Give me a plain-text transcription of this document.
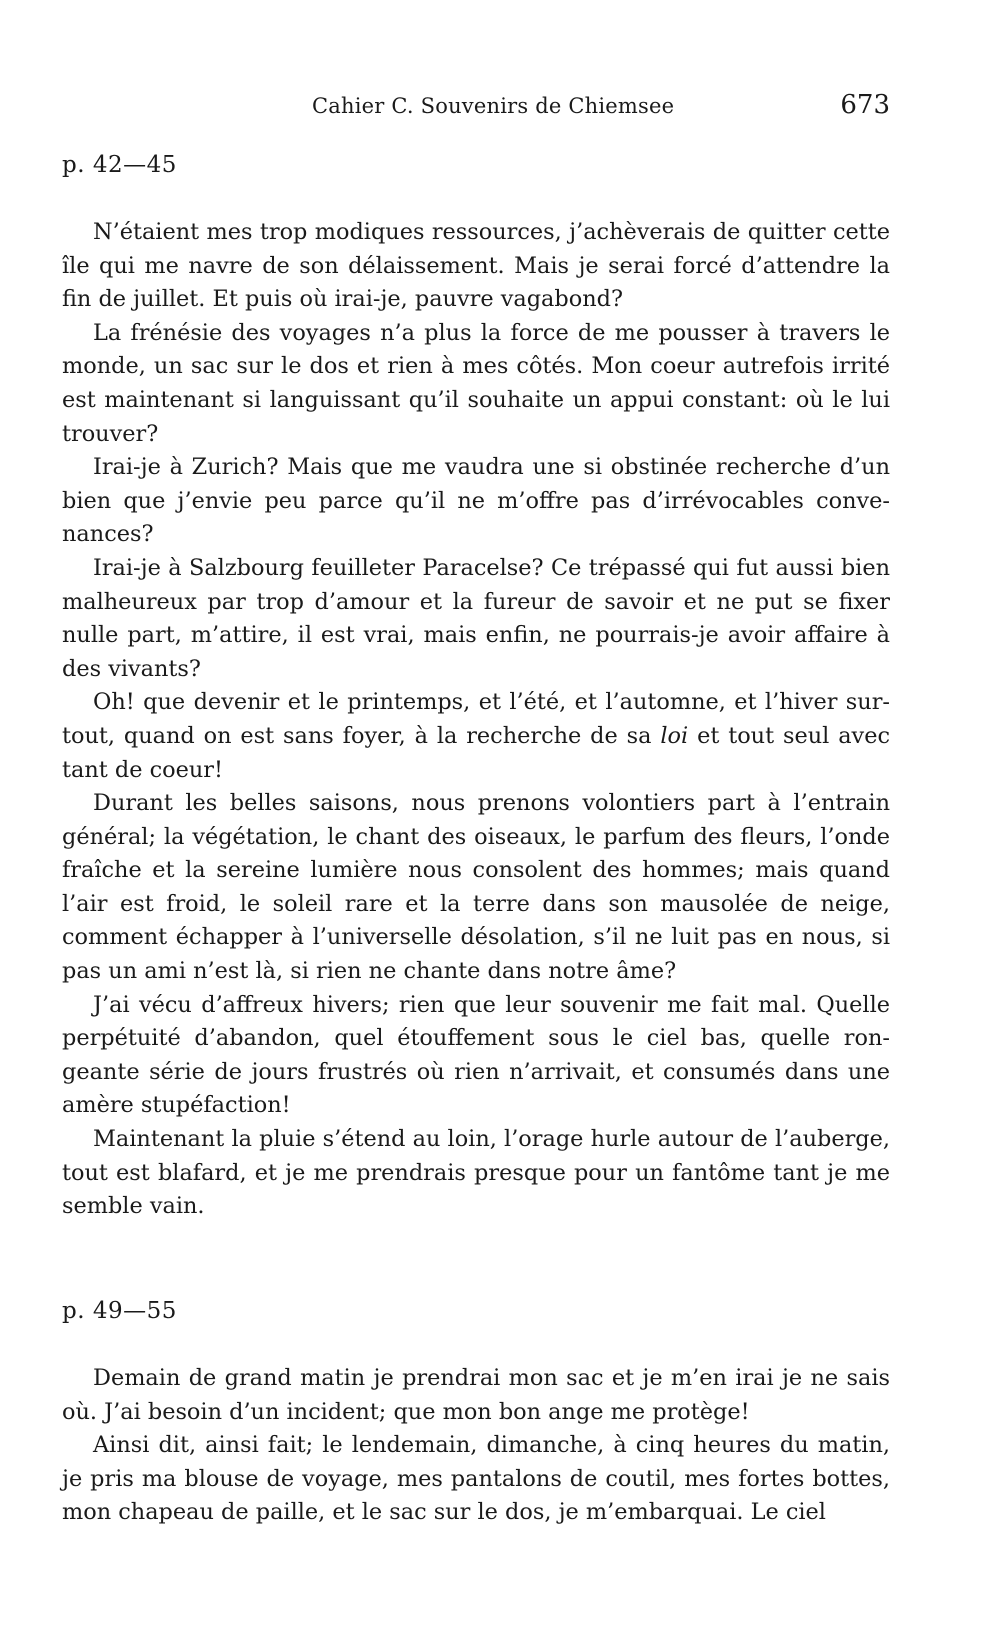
Cahier C. Souvenirs de Chiemsee	673
p. 42—45

N’étaient mes trop modiques ressources, j’achèverais de quitter cette île qui me navre de son délaissement. Mais je serai forcé d’attendre la fin de juillet. Et puis où irai-je, pauvre vagabond?

La frénésie des voyages n’a plus la force de me pousser à travers le monde, un sac sur le dos et rien à mes côtés. Mon coeur autrefois irrité est maintenant si languissant qu’il souhaite un appui constant: où le lui trouver?

Irai-je à Zurich? Mais que me vaudra une si obstinée recherche d’un bien que j’envie peu parce qu’il ne m’offre pas d’irrévocables convenances?

Irai-je à Salzbourg feuilleter Paracelse? Ce trépassé qui fut aussi bien malheureux par trop d’amour et la fureur de savoir et ne put se fixer nulle part, m’attire, il est vrai, mais enfin, ne pourrais-je avoir affaire à des vivants?

Oh! que devenir et le printemps, et l’été, et l’automne, et l’hiver surtout, quand on est sans foyer, à la recherche de sa loi et tout seul avec tant de coeur!

Durant les belles saisons, nous prenons volontiers part à l’entrain général; la végétation, le chant des oiseaux, le parfum des fleurs, l’onde fraîche et la sereine lumière nous consolent des hommes; mais quand l’air est froid, le soleil rare et la terre dans son mausolée de neige, comment échapper à l’universelle désolation, s’il ne luit pas en nous, si pas un ami n’est là, si rien ne chante dans notre âme?

J’ai vécu d’affreux hivers; rien que leur souvenir me fait mal. Quelle perpétuité d’abandon, quel étouffement sous le ciel bas, quelle rongeante série de jours frustrés où rien n’arrivait, et consumés dans une amère stupéfaction!

Maintenant la pluie s’étend au loin, l’orage hurle autour de l’auberge, tout est blafard, et je me prendrais presque pour un fantôme tant je me semble vain.

p. 49—55

Demain de grand matin je prendrai mon sac et je m’en irai je ne sais où. J’ai besoin d’un incident; que mon bon ange me protège!

Ainsi dit, ainsi fait; le lendemain, dimanche, à cinq heures du matin, je pris ma blouse de voyage, mes pantalons de coutil, mes fortes bottes, mon chapeau de paille, et le sac sur le dos, je m’embarquai. Le ciel
